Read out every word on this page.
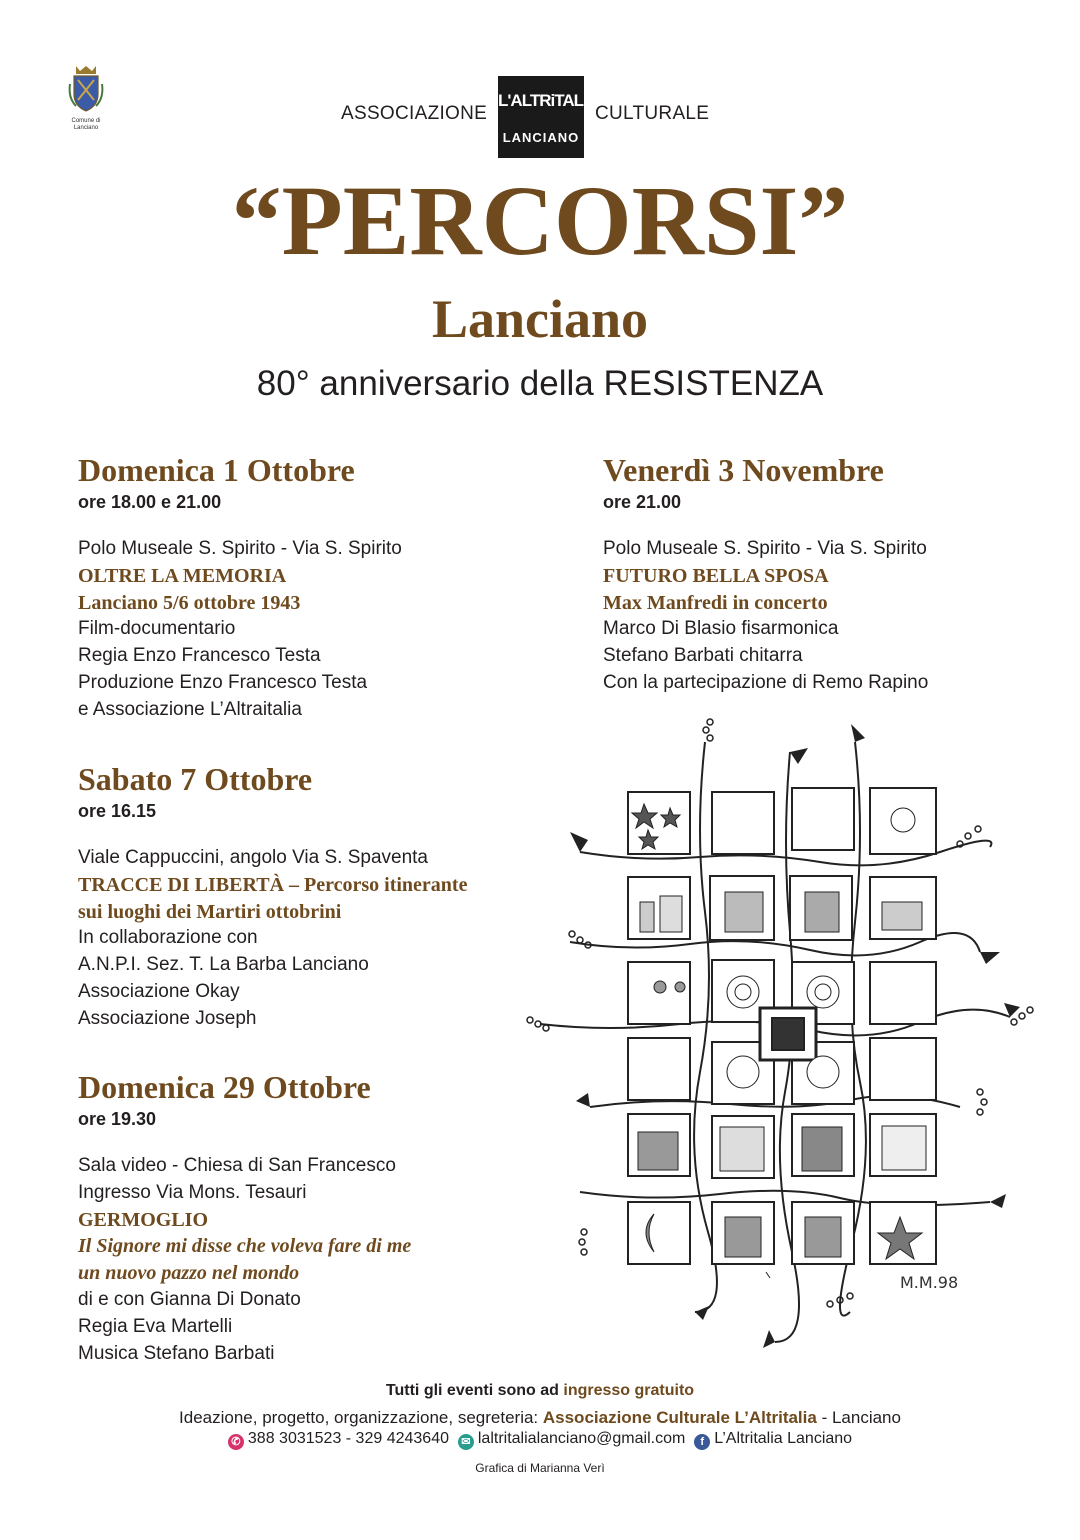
Comune di
Lanciano
ASSOCIAZIONE
L'ALTRiTALIA
LANCIANO
CULTURALE
“PERCORSI”
Lanciano
80° anniversario della RESISTENZA
Domenica 1 Ottobre
ore 18.00 e 21.00
Polo Museale S. Spirito - Via S. Spirito
OLTRE LA MEMORIA
Lanciano 5/6 ottobre 1943
Film-documentario
Regia Enzo Francesco Testa
Produzione Enzo Francesco Testa
e Associazione L’Altraitalia
Sabato 7 Ottobre
ore 16.15
Viale Cappuccini, angolo Via S. Spaventa
TRACCE DI LIBERTÀ – Percorso itinerante
sui luoghi dei Martiri ottobrini
In collaborazione con
A.N.P.I. Sez. T. La Barba Lanciano
Associazione Okay
Associazione Joseph
Domenica 29 Ottobre
ore 19.30
Sala video - Chiesa di San Francesco
Ingresso Via Mons. Tesauri
GERMOGLIO
Il Signore mi disse che voleva fare di me
un nuovo pazzo nel mondo
di e con Gianna Di Donato
Regia Eva Martelli
Musica Stefano Barbati
Venerdì 3 Novembre
ore 21.00
Polo Museale S. Spirito - Via S. Spirito
FUTURO BELLA SPOSA
Max Manfredi in concerto
Marco Di Blasio fisarmonica
Stefano Barbati chitarra
Con la partecipazione di Remo Rapino
M.M.98
Tutti gli eventi sono ad ingresso gratuito
Ideazione, progetto, organizzazione, segreteria: Associazione Culturale L’Altritalia - Lanciano
✆ 388 3031523 - 329 4243640 ✉ laltritalialanciano@gmail.com f L’Altritalia Lanciano
Grafica di Marianna Verì
